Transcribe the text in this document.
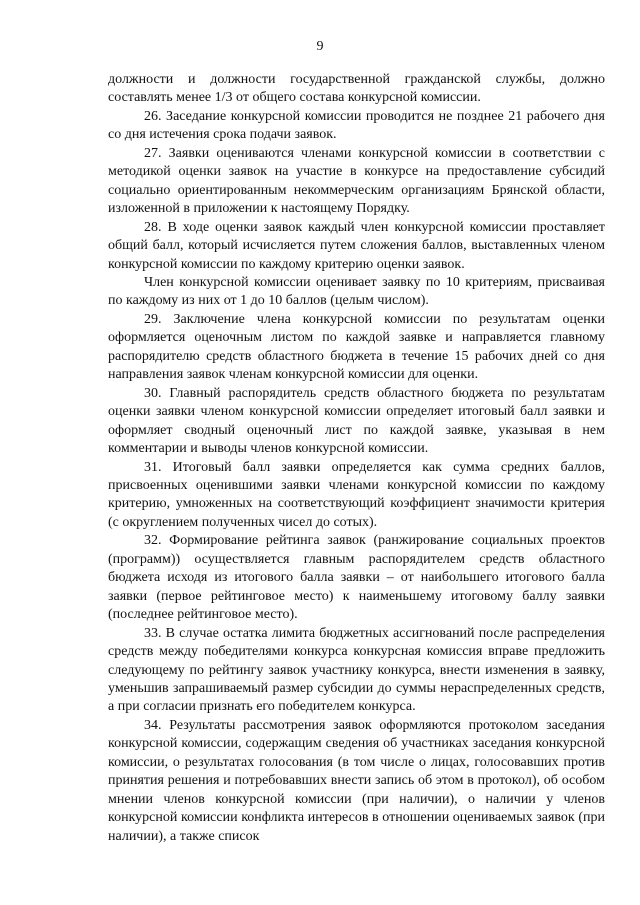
9

должности и должности государственной гражданской службы, должно составлять менее 1/3 от общего состава конкурсной комиссии.

26. Заседание конкурсной комиссии проводится не позднее 21 рабочего дня со дня истечения срока подачи заявок.

27. Заявки оцениваются членами конкурсной комиссии в соответствии с методикой оценки заявок на участие в конкурсе на предоставление субсидий социально ориентированным некоммерческим организациям Брянской области, изложенной в приложении к настоящему Порядку.

28. В ходе оценки заявок каждый член конкурсной комиссии проставляет общий балл, который исчисляется путем сложения баллов, выставленных членом конкурсной комиссии по каждому критерию оценки заявок.

Член конкурсной комиссии оценивает заявку по 10 критериям, присваивая по каждому из них от 1 до 10 баллов (целым числом).

29. Заключение члена конкурсной комиссии по результатам оценки оформляется оценочным листом по каждой заявке и направляется главному распорядителю средств областного бюджета в течение 15 рабочих дней со дня направления заявок членам конкурсной комиссии для оценки.

30. Главный распорядитель средств областного бюджета по результатам оценки заявки членом конкурсной комиссии определяет итоговый балл заявки и оформляет сводный оценочный лист по каждой заявке, указывая в нем комментарии и выводы членов конкурсной комиссии.

31. Итоговый балл заявки определяется как сумма средних баллов, присвоенных оценившими заявки членами конкурсной комиссии по каждому критерию, умноженных на соответствующий коэффициент значимости критерия (с округлением полученных чисел до сотых).

32. Формирование рейтинга заявок (ранжирование социальных проектов (программ)) осуществляется главным распорядителем средств областного бюджета исходя из итогового балла заявки – от наибольшего итогового балла заявки (первое рейтинговое место) к наименьшему итоговому баллу заявки (последнее рейтинговое место).

33. В случае остатка лимита бюджетных ассигнований после распределения средств между победителями конкурса конкурсная комиссия вправе предложить следующему по рейтингу заявок участнику конкурса, внести изменения в заявку, уменьшив запрашиваемый размер субсидии до суммы нераспределенных средств, а при согласии признать его победителем конкурса.

34. Результаты рассмотрения заявок оформляются протоколом заседания конкурсной комиссии, содержащим сведения об участниках заседания конкурсной комиссии, о результатах голосования (в том числе о лицах, голосовавших против принятия решения и потребовавших внести запись об этом в протокол), об особом мнении членов конкурсной комиссии (при наличии), о наличии у членов конкурсной комиссии конфликта интересов в отношении оцениваемых заявок (при наличии), а также список
